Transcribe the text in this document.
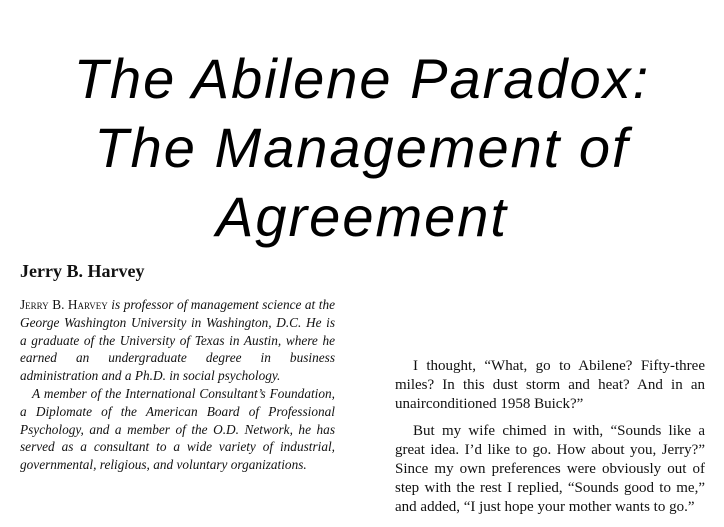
The Abilene Paradox:
The Management of
Agreement
Jerry B. Harvey

Jerry B. Harvey is professor of management science at the George Washington University in Washington, D.C. He is a graduate of the University of Texas in Austin, where he earned an undergraduate degree in business administration and a Ph.D. in social psychology.

A member of the International Consultant’s Foundation, a Diplomate of the American Board of Professional Psychology, and a member of the O.D. Network, he has served as a consultant to a wide variety of industrial, governmental, religious, and voluntary organizations.

I thought, “What, go to Abilene? Fifty-three miles? In this dust storm and heat? And in an unairconditioned 1958 Buick?”

But my wife chimed in with, “Sounds like a great idea. I’d like to go. How about you, Jerry?” Since my own preferences were obviously out of step with the rest I replied, “Sounds good to me,” and added, “I just hope your mother wants to go.”
